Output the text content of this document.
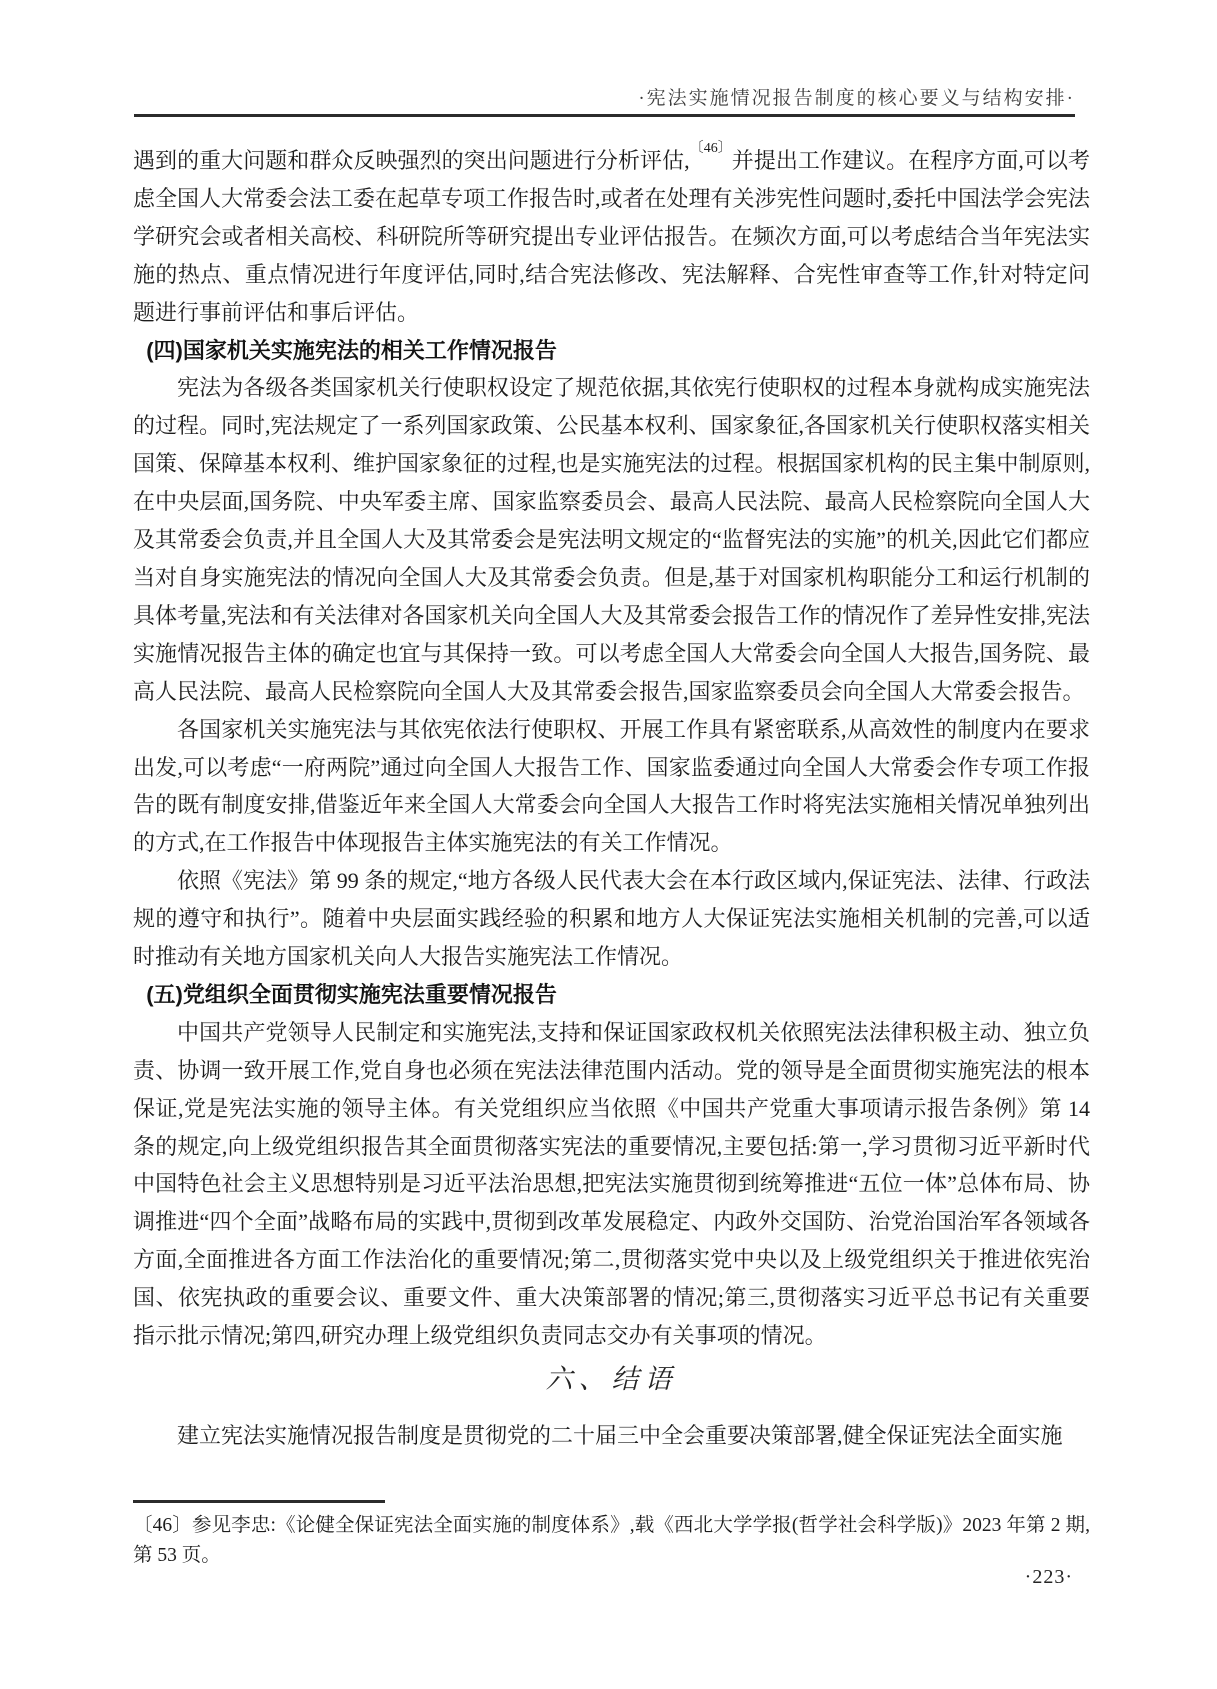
·宪法实施情况报告制度的核心要义与结构安排·

遇到的重大问题和群众反映强烈的突出问题进行分析评估,$^{〔46〕}$并提出工作建议。在程序方面,可以考虑全国人大常委会法工委在起草专项工作报告时,或者在处理有关涉宪性问题时,委托中国法学会宪法学研究会或者相关高校、科研院所等研究提出专业评估报告。在频次方面,可以考虑结合当年宪法实施的热点、重点情况进行年度评估,同时,结合宪法修改、宪法解释、合宪性审查等工作,针对特定问题进行事前评估和事后评估。

(四)国家机关实施宪法的相关工作情况报告

宪法为各级各类国家机关行使职权设定了规范依据,其依宪行使职权的过程本身就构成实施宪法的过程。同时,宪法规定了一系列国家政策、公民基本权利、国家象征,各国家机关行使职权落实相关国策、保障基本权利、维护国家象征的过程,也是实施宪法的过程。根据国家机构的民主集中制原则,在中央层面,国务院、中央军委主席、国家监察委员会、最高人民法院、最高人民检察院向全国人大及其常委会负责,并且全国人大及其常委会是宪法明文规定的“监督宪法的实施”的机关,因此它们都应当对自身实施宪法的情况向全国人大及其常委会负责。但是,基于对国家机构职能分工和运行机制的具体考量,宪法和有关法律对各国家机关向全国人大及其常委会报告工作的情况作了差异性安排,宪法实施情况报告主体的确定也宜与其保持一致。可以考虑全国人大常委会向全国人大报告,国务院、最高人民法院、最高人民检察院向全国人大及其常委会报告,国家监察委员会向全国人大常委会报告。

各国家机关实施宪法与其依宪依法行使职权、开展工作具有紧密联系,从高效性的制度内在要求出发,可以考虑“一府两院”通过向全国人大报告工作、国家监委通过向全国人大常委会作专项工作报告的既有制度安排,借鉴近年来全国人大常委会向全国人大报告工作时将宪法实施相关情况单独列出的方式,在工作报告中体现报告主体实施宪法的有关工作情况。

依照《宪法》第 99 条的规定,“地方各级人民代表大会在本行政区域内,保证宪法、法律、行政法规的遵守和执行”。随着中央层面实践经验的积累和地方人大保证宪法实施相关机制的完善,可以适时推动有关地方国家机关向人大报告实施宪法工作情况。

(五)党组织全面贯彻实施宪法重要情况报告

中国共产党领导人民制定和实施宪法,支持和保证国家政权机关依照宪法法律积极主动、独立负责、协调一致开展工作,党自身也必须在宪法法律范围内活动。党的领导是全面贯彻实施宪法的根本保证,党是宪法实施的领导主体。有关党组织应当依照《中国共产党重大事项请示报告条例》第 14 条的规定,向上级党组织报告其全面贯彻落实宪法的重要情况,主要包括:第一,学习贯彻习近平新时代中国特色社会主义思想特别是习近平法治思想,把宪法实施贯彻到统筹推进“五位一体”总体布局、协调推进“四个全面”战略布局的实践中,贯彻到改革发展稳定、内政外交国防、治党治国治军各领域各方面,全面推进各方面工作法治化的重要情况;第二,贯彻落实党中央以及上级党组织关于推进依宪治国、依宪执政的重要会议、重要文件、重大决策部署的情况;第三,贯彻落实习近平总书记有关重要指示批示情况;第四,研究办理上级党组织负责同志交办有关事项的情况。

六、结语

建立宪法实施情况报告制度是贯彻党的二十届三中全会重要决策部署,健全保证宪法全面实施

〔46〕参见李忠:《论健全保证宪法全面实施的制度体系》,载《西北大学学报(哲学社会科学版)》2023 年第 2 期,第 53 页。

·223·
